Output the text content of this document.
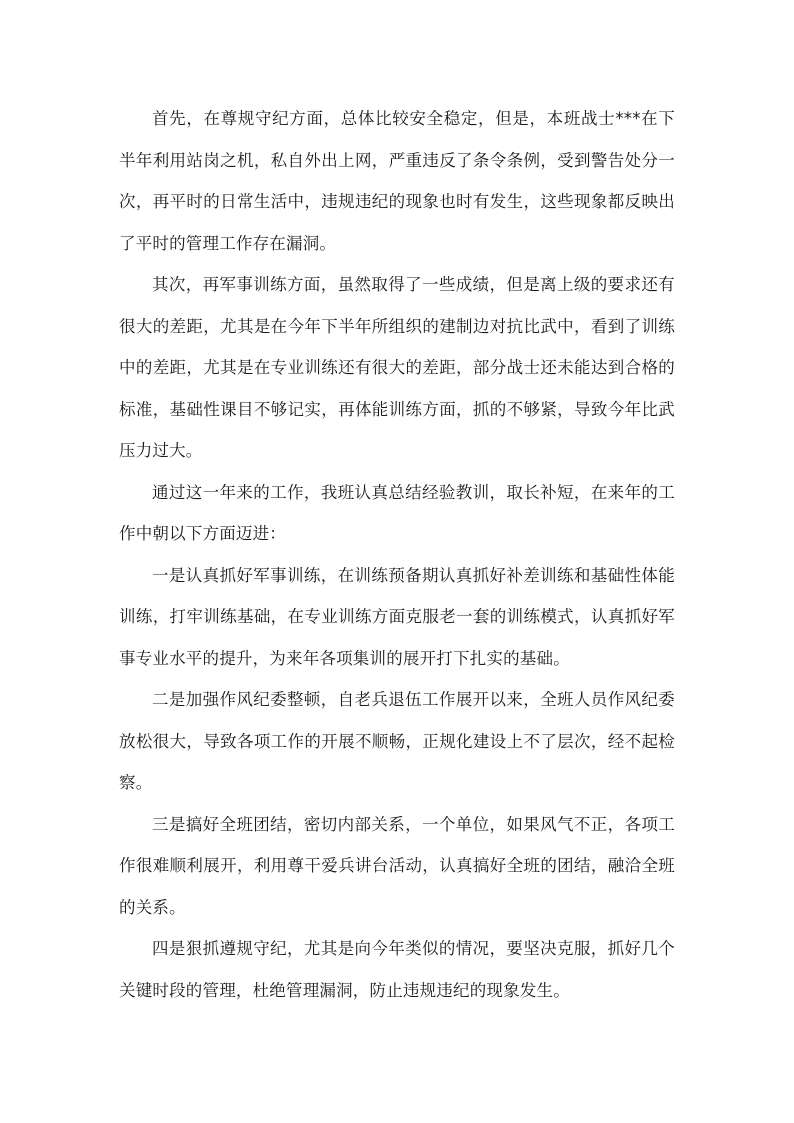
首先，在尊规守纪方面，总体比较安全稳定，但是，本班战士***在下半年利用站岗之机，私自外出上网，严重违反了条令条例，受到警告处分一次，再平时的日常生活中，违规违纪的现象也时有发生，这些现象都反映出了平时的管理工作存在漏洞。

其次，再军事训练方面，虽然取得了一些成绩，但是离上级的要求还有很大的差距，尤其是在今年下半年所组织的建制边对抗比武中，看到了训练中的差距，尤其是在专业训练还有很大的差距，部分战士还未能达到合格的标准，基础性课目不够记实，再体能训练方面，抓的不够紧，导致今年比武压力过大。

通过这一年来的工作，我班认真总结经验教训，取长补短，在来年的工作中朝以下方面迈进：

一是认真抓好军事训练，在训练预备期认真抓好补差训练和基础性体能训练，打牢训练基础，在专业训练方面克服老一套的训练模式，认真抓好军事专业水平的提升，为来年各项集训的展开打下扎实的基础。

二是加强作风纪委整顿，自老兵退伍工作展开以来，全班人员作风纪委放松很大，导致各项工作的开展不顺畅，正规化建设上不了层次，经不起检察。

三是搞好全班团结，密切内部关系，一个单位，如果风气不正，各项工作很难顺利展开，利用尊干爱兵讲台活动，认真搞好全班的团结，融洽全班的关系。

四是狠抓遵规守纪，尤其是向今年类似的情况，要坚决克服，抓好几个关键时段的管理，杜绝管理漏洞，防止违规违纪的现象发生。
